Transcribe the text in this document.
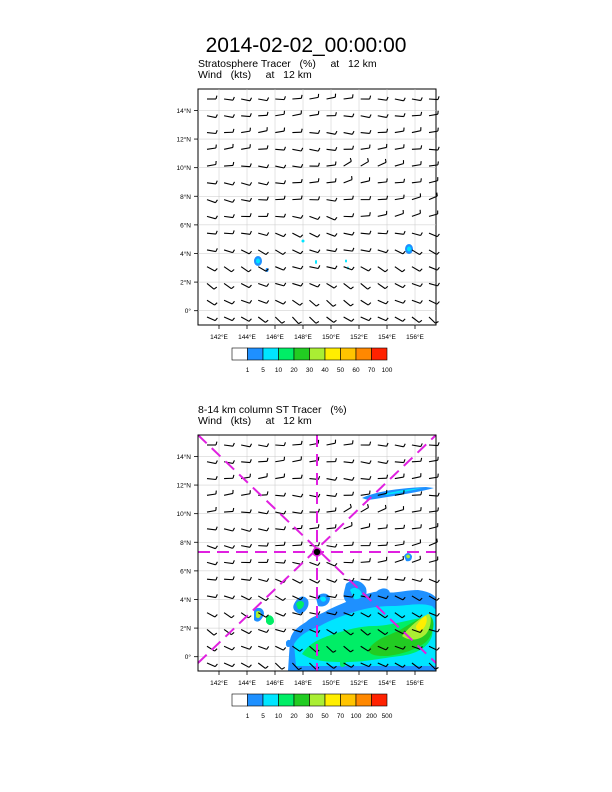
2014-02-02_00:00:00
Stratosphere Tracer   (%)     at   12 km
Wind   (kts)     at   12 km
0°
2°N
4°N
6°N
8°N
10°N
12°N
14°N
142°E 144°E 146°E 148°E 150°E 152°E 154°E 156°E
1 5 10 20 30 40 50 60 70 100
8-14 km column ST Tracer   (%)
Wind   (kts)     at   12 km
0°
2°N
4°N
6°N
8°N
10°N
12°N
14°N
142°E 144°E 146°E 148°E 150°E 152°E 154°E 156°E
1 5 10 20 30 50 70 100 200 500
